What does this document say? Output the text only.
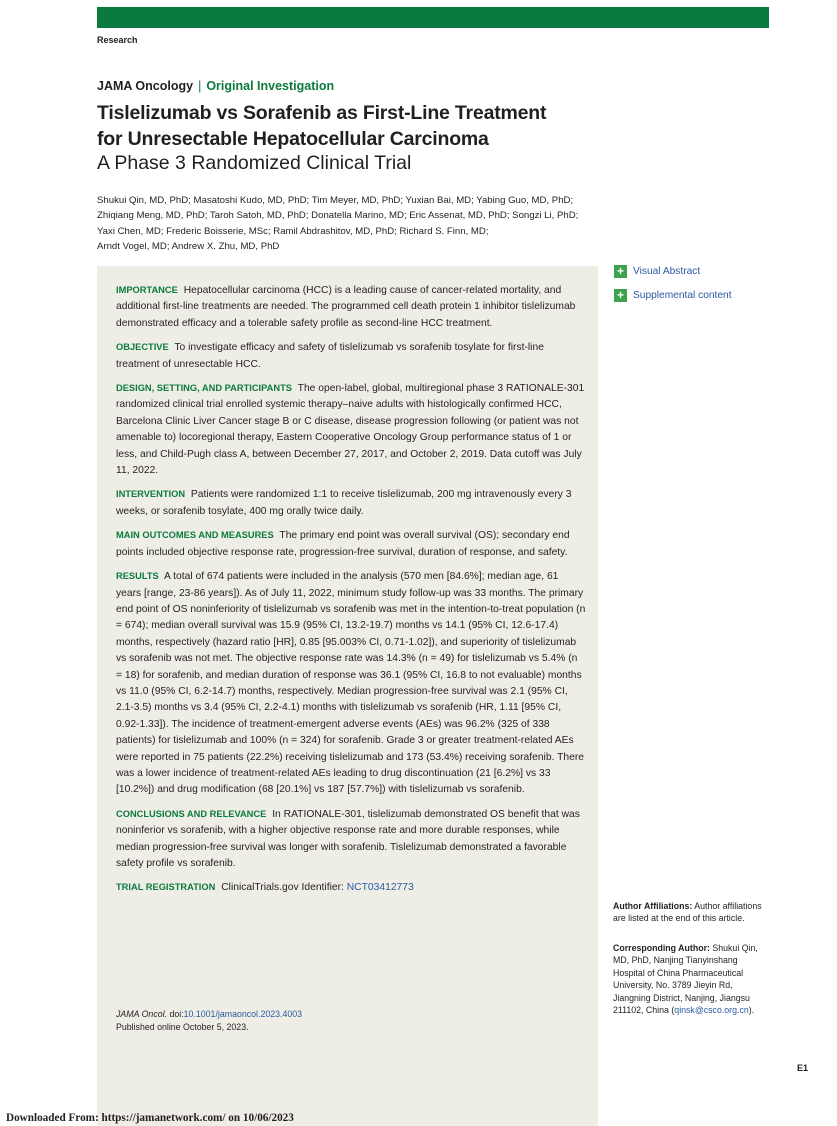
Research
JAMA Oncology | Original Investigation
Tislelizumab vs Sorafenib as First-Line Treatment
for Unresectable Hepatocellular Carcinoma
A Phase 3 Randomized Clinical Trial
Shukui Qin, MD, PhD; Masatoshi Kudo, MD, PhD; Tim Meyer, MD, PhD; Yuxian Bai, MD; Yabing Guo, MD, PhD;
Zhiqiang Meng, MD, PhD; Taroh Satoh, MD, PhD; Donatella Marino, MD; Eric Assenat, MD, PhD; Songzi Li, PhD;
Yaxi Chen, MD; Frederic Boisserie, MSc; Ramil Abdrashitov, MD, PhD; Richard S. Finn, MD;
Arndt Vogel, MD; Andrew X. Zhu, MD, PhD

IMPORTANCE Hepatocellular carcinoma (HCC) is a leading cause of cancer-related mortality, and additional first-line treatments are needed. The programmed cell death protein 1 inhibitor tislelizumab demonstrated efficacy and a tolerable safety profile as second-line HCC treatment.

OBJECTIVE To investigate efficacy and safety of tislelizumab vs sorafenib tosylate for first-line treatment of unresectable HCC.

DESIGN, SETTING, AND PARTICIPANTS The open-label, global, multiregional phase 3 RATIONALE-301 randomized clinical trial enrolled systemic therapy–naive adults with histologically confirmed HCC, Barcelona Clinic Liver Cancer stage B or C disease, disease progression following (or patient was not amenable to) locoregional therapy, Eastern Cooperative Oncology Group performance status of 1 or less, and Child-Pugh class A, between December 27, 2017, and October 2, 2019. Data cutoff was July 11, 2022.

INTERVENTION Patients were randomized 1:1 to receive tislelizumab, 200 mg intravenously every 3 weeks, or sorafenib tosylate, 400 mg orally twice daily.

MAIN OUTCOMES AND MEASURES The primary end point was overall survival (OS); secondary end points included objective response rate, progression-free survival, duration of response, and safety.

RESULTS A total of 674 patients were included in the analysis (570 men [84.6%]; median age, 61 years [range, 23-86 years]). As of July 11, 2022, minimum study follow-up was 33 months. The primary end point of OS noninferiority of tislelizumab vs sorafenib was met in the intention-to-treat population (n = 674); median overall survival was 15.9 (95% CI, 13.2-19.7) months vs 14.1 (95% CI, 12.6-17.4) months, respectively (hazard ratio [HR], 0.85 [95.003% CI, 0.71-1.02]), and superiority of tislelizumab vs sorafenib was not met. The objective response rate was 14.3% (n = 49) for tislelizumab vs 5.4% (n = 18) for sorafenib, and median duration of response was 36.1 (95% CI, 16.8 to not evaluable) months vs 11.0 (95% CI, 6.2-14.7) months, respectively. Median progression-free survival was 2.1 (95% CI, 2.1-3.5) months vs 3.4 (95% CI, 2.2-4.1) months with tislelizumab vs sorafenib (HR, 1.11 [95% CI, 0.92-1.33]). The incidence of treatment-emergent adverse events (AEs) was 96.2% (325 of 338 patients) for tislelizumab and 100% (n = 324) for sorafenib. Grade 3 or greater treatment-related AEs were reported in 75 patients (22.2%) receiving tislelizumab and 173 (53.4%) receiving sorafenib. There was a lower incidence of treatment-related AEs leading to drug discontinuation (21 [6.2%] vs 33 [10.2%]) and drug modification (68 [20.1%] vs 187 [57.7%]) with tislelizumab vs sorafenib.

CONCLUSIONS AND RELEVANCE In RATIONALE-301, tislelizumab demonstrated OS benefit that was noninferior vs sorafenib, with a higher objective response rate and more durable responses, while median progression-free survival was longer with sorafenib. Tislelizumab demonstrated a favorable safety profile vs sorafenib.

TRIAL REGISTRATION ClinicalTrials.gov Identifier: NCT03412773

JAMA Oncol. doi:10.1001/jamaoncol.2023.4003
Published online October 5, 2023.
+ Visual Abstract
+ Supplemental content
Author Affiliations: Author affiliations are listed at the end of this article.
Corresponding Author: Shukui Qin, MD, PhD, Nanjing Tianyinshang Hospital of China Pharmaceutical University, No. 3789 Jieyin Rd, Jiangning District, Nanjing, Jiangsu 211102, China (qinsk@csco.org.cn).
E1
Downloaded From: https://jamanetwork.com/ on 10/06/2023
